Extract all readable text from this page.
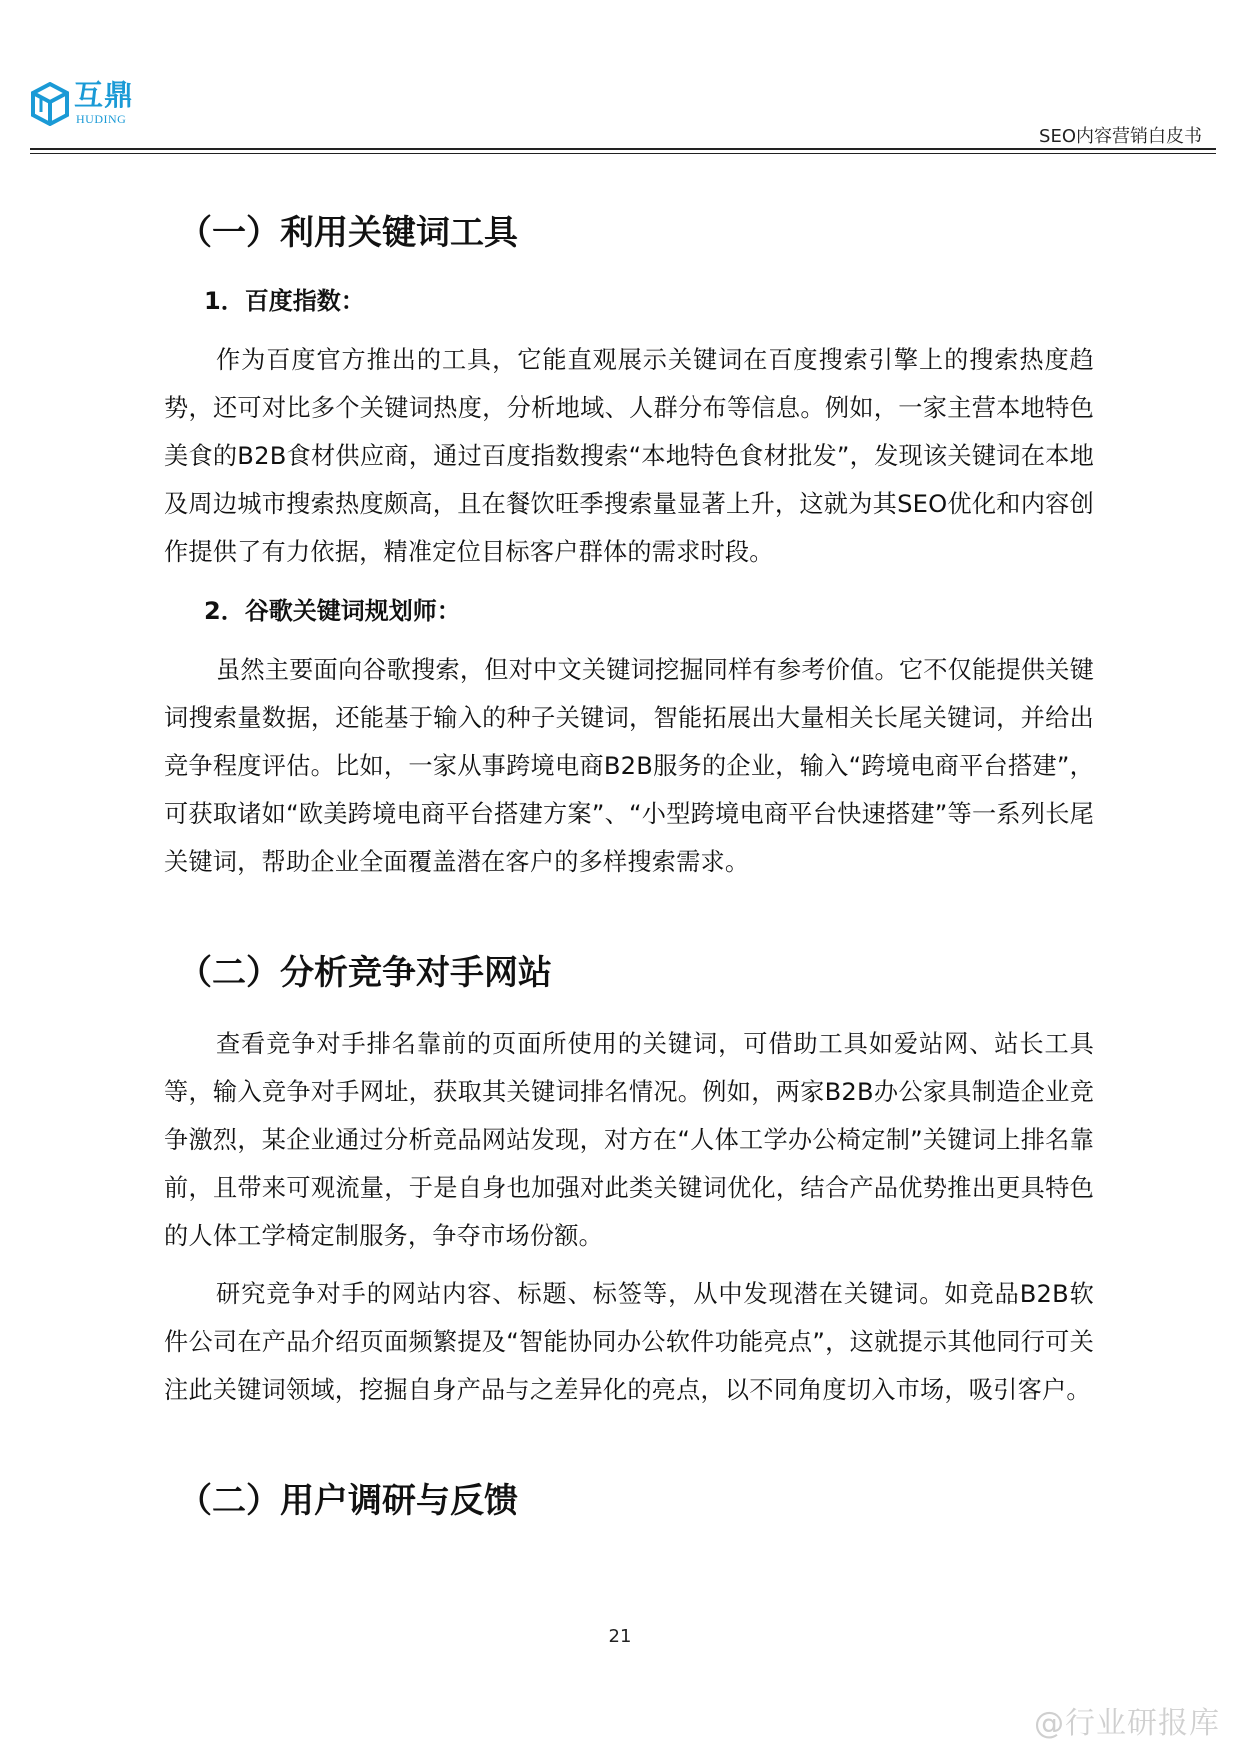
互鼎
HUDING
SEO内容营销白皮书
（一）利用关键词工具
1．百度指数：

作为百度官方推出的工具，它能直观展示关键词在百度搜索引擎上的搜索热度趋势，还可对比多个关键词热度，分析地域、人群分布等信息。例如，一家主营本地特色美食的B2B食材供应商，通过百度指数搜索“本地特色食材批发”，发现该关键词在本地及周边城市搜索热度颇高，且在餐饮旺季搜索量显著上升，这就为其SEO优化和内容创作提供了有力依据，精准定位目标客户群体的需求时段。

2．谷歌关键词规划师：

虽然主要面向谷歌搜索，但对中文关键词挖掘同样有参考价值。它不仅能提供关键词搜索量数据，还能基于输入的种子关键词，智能拓展出大量相关长尾关键词，并给出竞争程度评估。比如，一家从事跨境电商B2B服务的企业，输入“跨境电商平台搭建”，可获取诸如“欧美跨境电商平台搭建方案”、“小型跨境电商平台快速搭建”等一系列长尾关键词，帮助企业全面覆盖潜在客户的多样搜索需求。

（二）分析竞争对手网站

查看竞争对手排名靠前的页面所使用的关键词，可借助工具如爱站网、站长工具等，输入竞争对手网址，获取其关键词排名情况。例如，两家B2B办公家具制造企业竞争激烈，某企业通过分析竞品网站发现，对方在“人体工学办公椅定制”关键词上排名靠前，且带来可观流量，于是自身也加强对此类关键词优化，结合产品优势推出更具特色的人体工学椅定制服务，争夺市场份额。

研究竞争对手的网站内容、标题、标签等，从中发现潜在关键词。如竞品B2B软件公司在产品介绍页面频繁提及“智能协同办公软件功能亮点”，这就提示其他同行可关注此关键词领域，挖掘自身产品与之差异化的亮点，以不同角度切入市场，吸引客户。

（二）用户调研与反馈
21
@行业研报库
